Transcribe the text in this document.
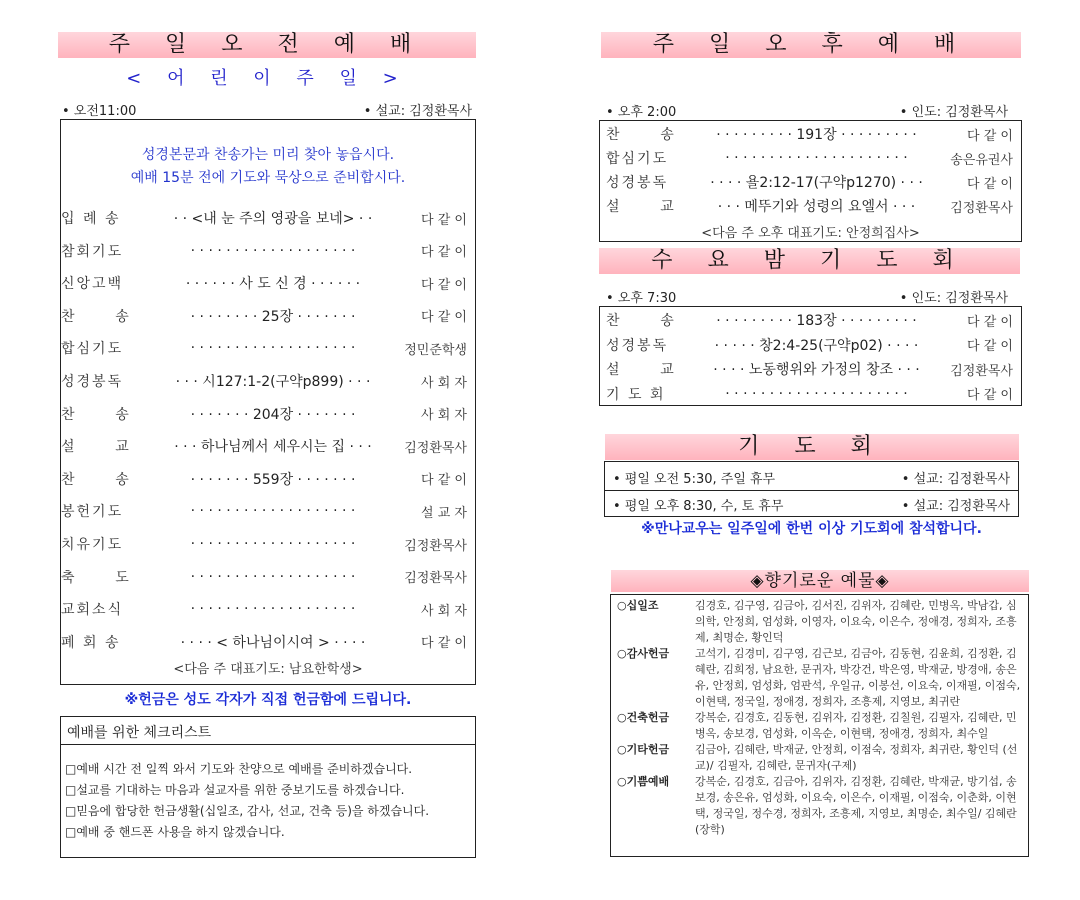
주 일 오 전 예 배
< 어 린 이 주 일 >
• 오전11:00	• 설교: 김정환목사
성경본문과 찬송가는 미리 찾아 놓읍시다.
예배 15분 전에 기도와 묵상으로 준비합시다.
입 례 송	· · <내 눈 주의 영광을 보네> · ·	다 같 이
참회기도	· · · · · · · · · · · · · · · · · · ·	다 같 이
신앙고백	· · · · · · 사 도 신 경 · · · · · ·	다 같 이
찬      송	· · · · · · · · 25장 · · · · · · ·	다 같 이
합심기도	· · · · · · · · · · · · · · · · · · ·	정민준학생
성경봉독	· · · 시127:1-2(구약p899) · · ·	사 회 자
찬      송	· · · · · · · 204장 · · · · · · ·	사 회 자
설      교	· · · 하나님께서 세우시는 집 · · ·	김정환목사
찬      송	· · · · · · · 559장 · · · · · · ·	다 같 이
봉헌기도	· · · · · · · · · · · · · · · · · · ·	설 교 자
치유기도	· · · · · · · · · · · · · · · · · · ·	김정환목사
축      도	· · · · · · · · · · · · · · · · · · ·	김정환목사
교회소식	· · · · · · · · · · · · · · · · · · ·	사 회 자
폐 회 송	· · · · < 하나님이시여 > · · · ·	다 같 이
<다음 주 대표기도: 남요한학생>
※헌금은 성도 각자가 직접 헌금함에 드립니다.
예배를 위한 체크리스트
□예배 시간 전 일찍 와서 기도와 찬양으로 예배를 준비하겠습니다.
□설교를 기대하는 마음과 설교자를 위한 중보기도를 하겠습니다.
□믿음에 합당한 헌금생활(십일조, 감사, 선교, 건축 등)을 하겠습니다.
□예배 중 핸드폰 사용을 하지 않겠습니다.
주 일 오 후 예 배
• 오후 2:00	• 인도: 김정환목사
찬      송	· · · · · · · · · 191장 · · · · · · · · ·	다 같 이
합심기도	· · · · · · · · · · · · · · · · · · · · ·	송은유권사
성경봉독	· · · · 욜2:12-17(구약p1270) · · ·	다 같 이
설      교	· · · 메뚜기와 성령의 요엘서 · · ·	김정환목사
<다음 주 오후 대표기도: 안정희집사>
수 요 밤 기 도 회
• 오후 7:30	• 인도: 김정환목사
찬      송	· · · · · · · · · 183장 · · · · · · · · ·	다 같 이
성경봉독	· · · · · 창2:4-25(구약p02) · · · ·	다 같 이
설      교	· · · · 노동행위와 가정의 창조 · · ·	김정환목사
기 도 회	· · · · · · · · · · · · · · · · · · · · ·	다 같 이
기 도 회
• 평일 오전 5:30, 주일 휴무	• 설교: 김정환목사
• 평일 오후 8:30, 수, 토 휴무	• 설교: 김정환목사
※만나교우는 일주일에 한번 이상 기도회에 참석합니다.
◈향기로운 예물◈
○십일조	김경호, 김구영, 김금아, 김서진, 김위자, 김혜란, 민병옥, 박남갑, 심의학, 안정희, 엄성화, 이영자, 이요숙, 이은수, 정애경, 정희자, 조흥제, 최명순, 황인덕
○감사헌금	고석기, 김경미, 김구영, 김근보, 김금아, 김동현, 김윤희, 김정환, 김혜란, 김희정, 남요한, 문귀자, 박강건, 박은영, 박재균, 방경애, 송은유, 안정희, 엄성화, 엄판석, 우일규, 이봉선, 이요숙, 이재필, 이점숙, 이현택, 정국일, 정애경, 정희자, 조흥제, 지영보, 최귀란
○건축헌금	강복순, 김경호, 김동현, 김위자, 김정환, 김칠원, 김필자, 김혜란, 민병옥, 송보경, 엄성화, 이옥순, 이현택, 정애경, 정희자, 최수일
○기타헌금	김금아, 김혜란, 박재균, 안정희, 이점숙, 정희자, 최귀란, 황인덕 (선교)/ 김필자, 김혜란, 문귀자(구제)
○기쁨예배	강복순, 김경호, 김금아, 김위자, 김정환, 김혜란, 박재균, 방기섭, 송보경, 송은유, 엄성화, 이요숙, 이은수, 이재필, 이점숙, 이춘화, 이현택, 정국일, 정수경, 정희자, 조흥제, 지영보, 최명순, 최수일/ 김혜란(장학)
